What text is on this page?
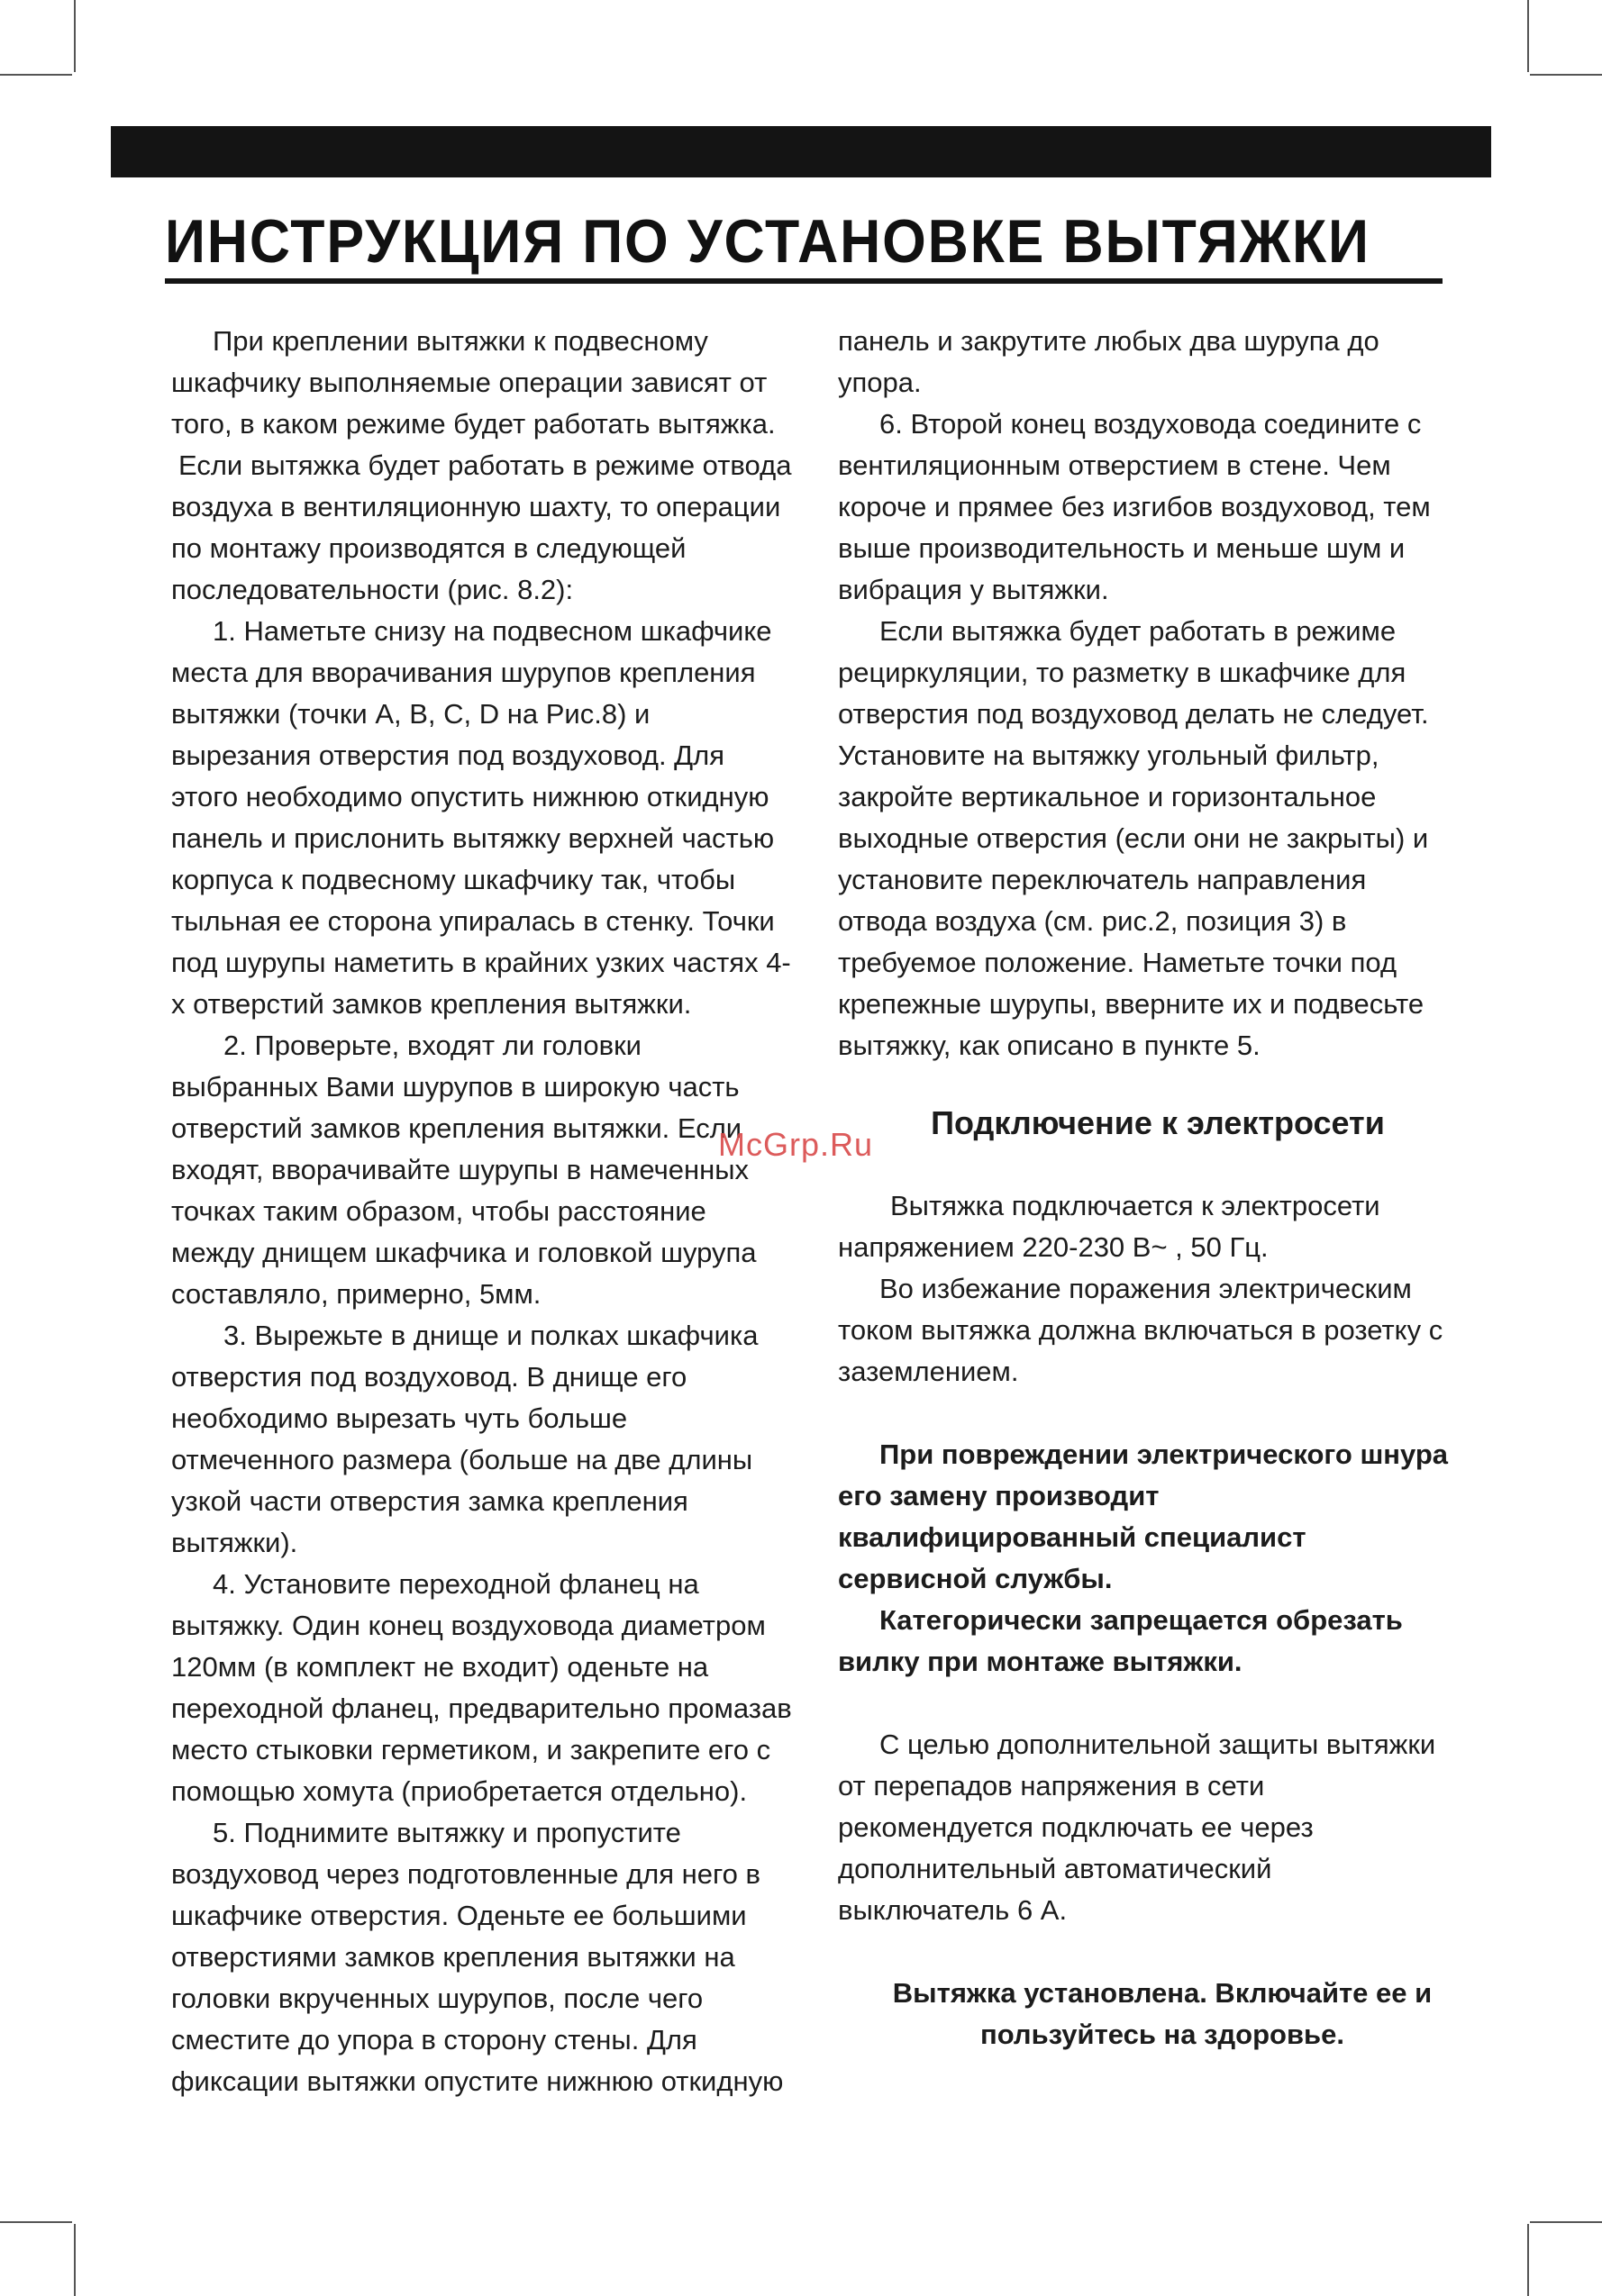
ИНСТРУКЦИЯ ПО УСТАНОВКЕ ВЫТЯЖКИ

При креплении вытяжки к подвесному шкафчику выполняемые операции зависят от того, в каком режиме будет работать вытяжка.

Если вытяжка будет работать в режиме отвода воздуха в вентиляционную шахту, то операции по монтажу производятся в следующей последовательности (рис. 8.2):

1. Наметьте снизу на подвесном шкафчике места для вворачивания шурупов крепления вытяжки (точки A, B, C, D на Рис.8) и вырезания отверстия под воздуховод. Для этого необходимо опустить нижнюю откидную панель и прислонить вытяжку верхней частью корпуса к подвесному шкафчику так, чтобы тыльная ее сторона упиралась в стенку. Точки под шурупы наметить в крайних узких частях 4-х отверстий замков крепления вытяжки.

2. Проверьте, входят ли головки выбранных Вами шурупов в широкую часть отверстий замков крепления вытяжки. Если входят, вворачивайте шурупы в намеченных точках таким образом, чтобы расстояние между днищем шкафчика и головкой шурупа составляло, примерно, 5мм.

3. Вырежьте в днище и полках шкафчика отверстия под воздуховод. В днище его необходимо вырезать чуть больше отмеченного размера (больше на две длины узкой части отверстия замка крепления вытяжки).

4. Установите переходной фланец на вытяжку. Один конец воздуховода диаметром 120мм (в комплект не входит) оденьте на переходной фланец, предварительно промазав место стыковки герметиком, и закрепите его с помощью хомута (приобретается отдельно).

5. Поднимите вытяжку и пропустите воздуховод через подготовленные для него в шкафчике отверстия. Оденьте ее большими отверстиями замков крепления вытяжки на головки вкрученных шурупов, после чего сместите до упора в сторону стены. Для фиксации вытяжки опустите нижнюю откидную

панель и закрутите любых два шурупа до упора.

6. Второй конец воздуховода соедините с вентиляционным отверстием в стене. Чем короче и прямее без изгибов воздуховод, тем выше производительность и меньше шум и вибрация у вытяжки.

Если вытяжка будет работать в режиме рециркуляции, то разметку в шкафчике для отверстия под воздуховод делать не следует. Установите на вытяжку угольный фильтр, закройте вертикальное и горизонтальное выходные отверстия (если они не закрыты) и установите переключатель направления отвода воздуха (см. рис.2, позиция 3) в требуемое положение. Наметьте точки под крепежные шурупы, вверните их и подвесьте вытяжку, как описано в пункте 5.

Подключение к электросети

Вытяжка подключается к электросети напряжением 220-230 В~ , 50 Гц.

Во избежание поражения электрическим током вытяжка должна включаться в розетку с заземлением.

При повреждении электрического шнура его замену производит квалифицированный специалист сервисной службы.

Категорически запрещается обрезать вилку при монтаже вытяжки.

С целью дополнительной защиты вытяжки от перепадов напряжения в сети рекомендуется подключать ее через дополнительный автоматический выключатель 6 А.

Вытяжка установлена. Включайте ее и пользуйтесь на здоровье.

McGrp.Ru
